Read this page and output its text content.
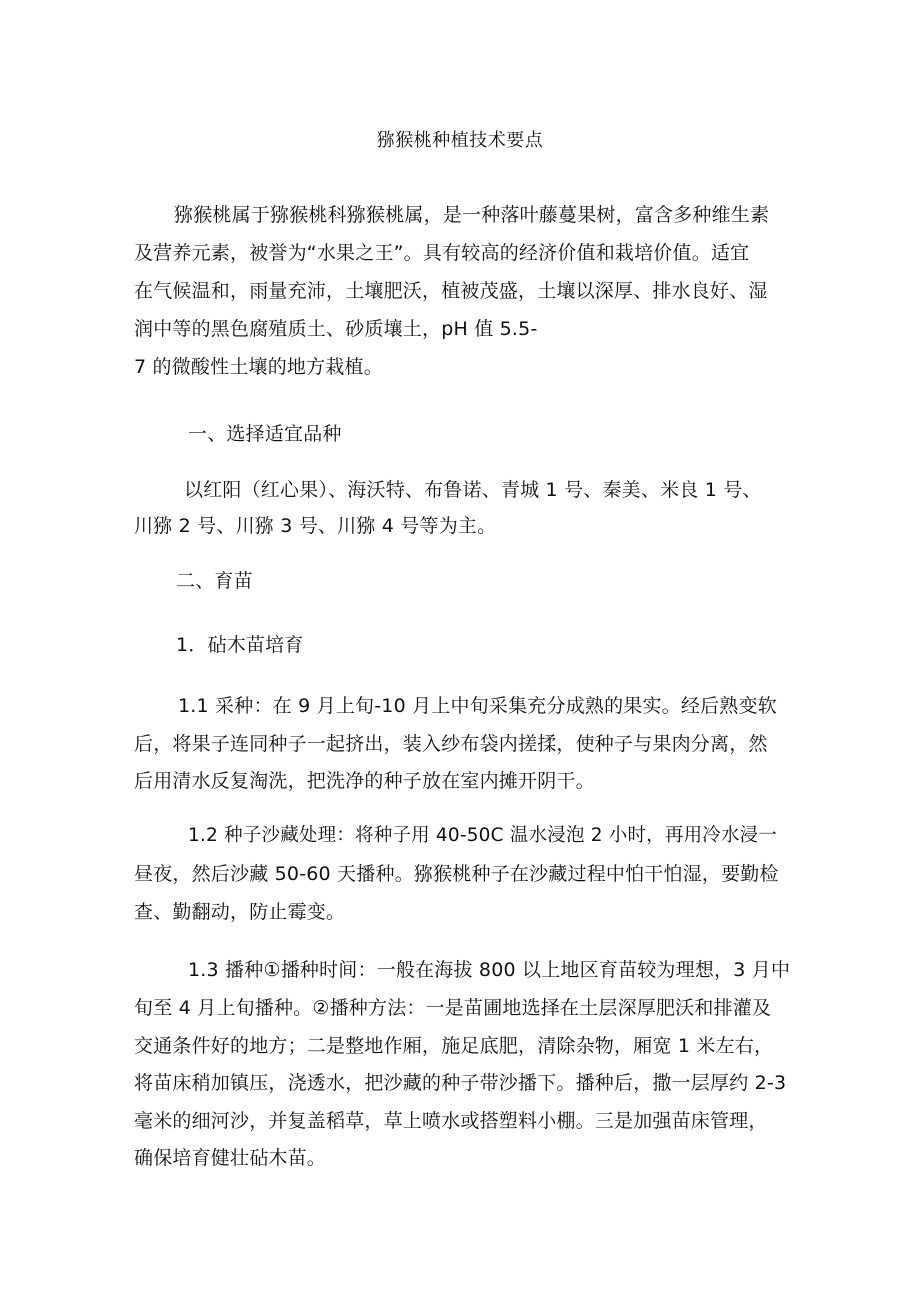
猕猴桃种植技术要点
猕猴桃属于猕猴桃科猕猴桃属，是一种落叶藤蔓果树，富含多种维生素
及营养元素，被誉为“水果之王”。具有较高的经济价值和栽培价值。适宜
在气候温和，雨量充沛，土壤肥沃，植被茂盛，土壤以深厚、排水良好、湿
润中等的黑色腐殖质土、砂质壤土，pH 值 5.5-
7 的微酸性土壤的地方栽植。
一、选择适宜品种
以红阳（红心果）、海沃特、布鲁诺、青城 1 号、秦美、米良 1 号、
川猕 2 号、川猕 3 号、川猕 4 号等为主。
二、育苗
1．砧木苗培育
1.1 采种：在 9 月上旬-10 月上中旬采集充分成熟的果实。经后熟变软
后，将果子连同种子一起挤出，装入纱布袋内搓揉，使种子与果肉分离，然
后用清水反复淘洗，把洗净的种子放在室内摊开阴干。
1.2 种子沙藏处理：将种子用 40-50C 温水浸泡 2 小时，再用冷水浸一
昼夜，然后沙藏 50-60 天播种。猕猴桃种子在沙藏过程中怕干怕湿，要勤检
查、勤翻动，防止霉变。
1.3 播种①播种时间：一般在海拔 800 以上地区育苗较为理想，3 月中
旬至 4 月上旬播种。②播种方法：一是苗圃地选择在土层深厚肥沃和排灌及
交通条件好的地方；二是整地作厢，施足底肥，清除杂物，厢宽 1 米左右，
将苗床稍加镇压，浇透水，把沙藏的种子带沙播下。播种后，撒一层厚约 2-3
毫米的细河沙，并复盖稻草，草上喷水或搭塑料小棚。三是加强苗床管理，
确保培育健壮砧木苗。
